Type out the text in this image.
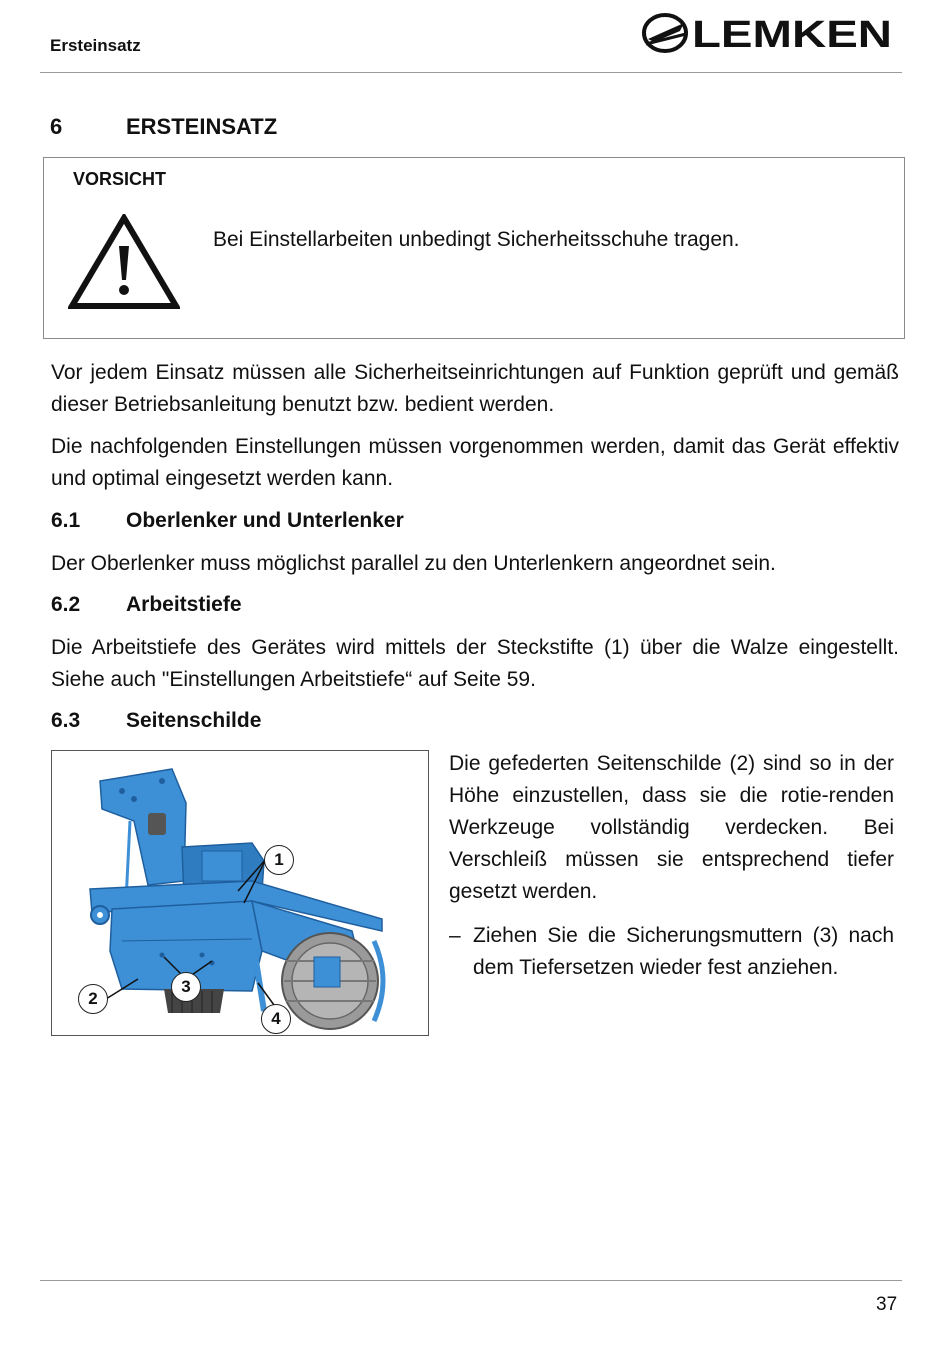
Ersteinsatz	LEMKEN
6	ERSTEINSATZ
VORSICHT
Bei Einstellarbeiten unbedingt Sicherheitsschuhe tragen.
Vor jedem Einsatz müssen alle Sicherheitseinrichtungen auf Funktion geprüft und gemäß dieser Betriebsanleitung benutzt bzw. bedient werden.
Die nachfolgenden Einstellungen müssen vorgenommen werden, damit das Gerät effektiv und optimal eingesetzt werden kann.
6.1 Oberlenker und Unterlenker
Der Oberlenker muss möglichst parallel zu den Unterlenkern angeordnet sein.
6.2 Arbeitstiefe
Die Arbeitstiefe des Gerätes wird mittels der Steckstifte (1) über die Walze eingestellt. Siehe auch "Einstellungen Arbeitstiefe“ auf Seite 59.
6.3 Seitenschilde
1
2
3
4
Die gefederten Seitenschilde (2) sind so in der Höhe einzustellen, dass sie die rotie-renden Werkzeuge vollständig verdecken. Bei Verschleiß müssen sie entsprechend tiefer gesetzt werden.
– Ziehen Sie die Sicherungsmuttern (3) nach dem Tiefersetzen wieder fest anziehen.
37
